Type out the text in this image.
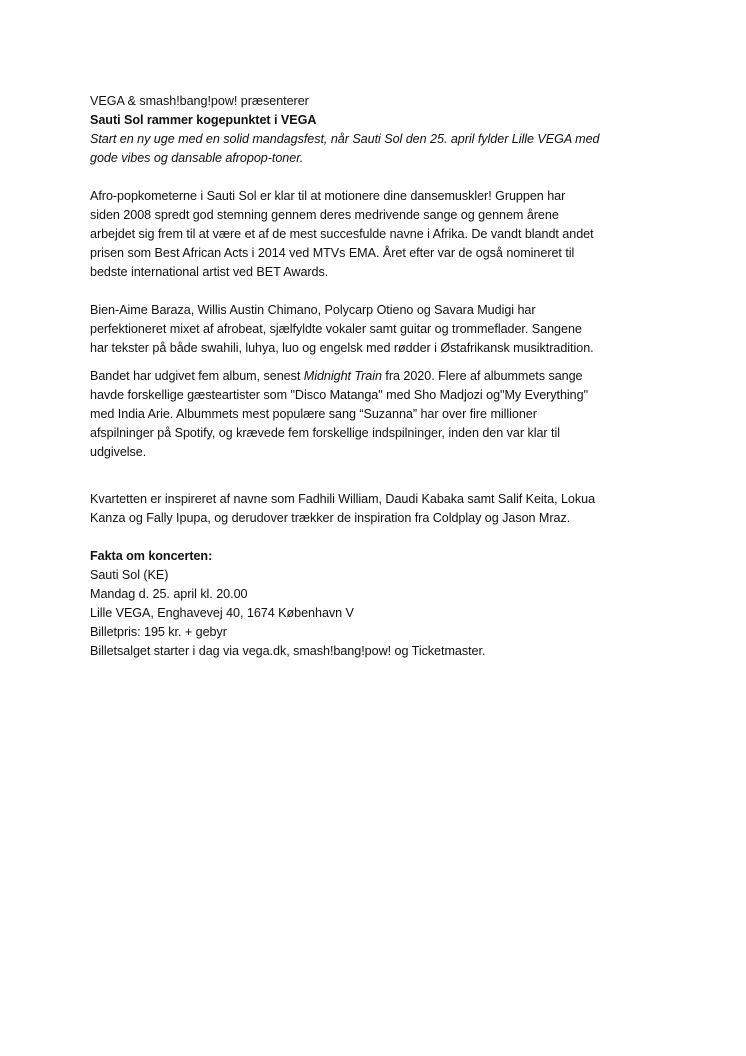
VEGA & smash!bang!pow! præsenterer
Sauti Sol rammer kogepunktet i VEGA
Start en ny uge med en solid mandagsfest, når Sauti Sol den 25. april fylder Lille VEGA med
gode vibes og dansable afropop-toner.
Afro-popkometerne i Sauti Sol er klar til at motionere dine dansemuskler! Gruppen har
siden 2008 spredt god stemning gennem deres medrivende sange og gennem årene
arbejdet sig frem til at være et af de mest succesfulde navne i Afrika. De vandt blandt andet
prisen som Best African Acts i 2014 ved MTVs EMA. Året efter var de også nomineret til
bedste international artist ved BET Awards.
Bien-Aime Baraza, Willis Austin Chimano, Polycarp Otieno og Savara Mudigi har
perfektioneret mixet af afrobeat, sjælfyldte vokaler samt guitar og trommeflader. Sangene
har tekster på både swahili, luhya, luo og engelsk med rødder i Østafrikansk musiktradition.
Bandet har udgivet fem album, senest Midnight Train fra 2020. Flere af albummets sange
havde forskellige gæsteartister som "Disco Matanga" med Sho Madjozi og"My Everything"
med India Arie. Albummets mest populære sang “Suzanna” har over fire millioner
afspilninger på Spotify, og krævede fem forskellige indspilninger, inden den var klar til
udgivelse.
Kvartetten er inspireret af navne som Fadhili William, Daudi Kabaka samt Salif Keita, Lokua
Kanza og Fally Ipupa, og derudover trækker de inspiration fra Coldplay og Jason Mraz.
Fakta om koncerten:
Sauti Sol (KE)
Mandag d. 25. april kl. 20.00
Lille VEGA, Enghavevej 40, 1674 København V
Billetpris: 195 kr. + gebyr
Billetsalget starter i dag via vega.dk, smash!bang!pow! og Ticketmaster.
